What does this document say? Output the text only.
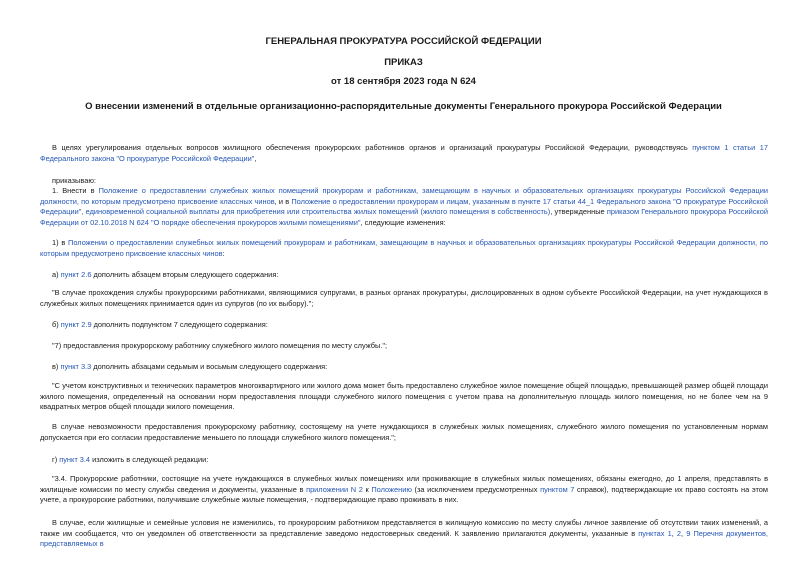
ГЕНЕРАЛЬНАЯ ПРОКУРАТУРА РОССИЙСКОЙ ФЕДЕРАЦИИ
ПРИКАЗ
от 18 сентября 2023 года N 624
О внесении изменений в отдельные организационно-распорядительные документы Генерального прокурора Российской Федерации

В целях урегулирования отдельных вопросов жилищного обеспечения прокурорских работников органов и организаций прокуратуры Российской Федерации, руководствуясь пунктом 1 статьи 17 Федерального закона "О прокуратуре Российской Федерации",

приказываю:

1. Внести в Положение о предоставлении служебных жилых помещений прокурорам и работникам, замещающим в научных и образовательных организациях прокуратуры Российской Федерации должности, по которым предусмотрено присвоение классных чинов, и в Положение о предоставлении прокурорам и лицам, указанным в пункте 17 статьи 44_1 Федерального закона "О прокуратуре Российской Федерации", единовременной социальной выплаты для приобретения или строительства жилых помещений (жилого помещения в собственность), утвержденные приказом Генерального прокурора Российской Федерации от 02.10.2018 N 624 "О порядке обеспечения прокуроров жилыми помещениями", следующие изменения:

1) в Положении о предоставлении служебных жилых помещений прокурорам и работникам, замещающим в научных и образовательных организациях прокуратуры Российской Федерации должности, по которым предусмотрено присвоение классных чинов:

а) пункт 2.6 дополнить абзацем вторым следующего содержания:

"В случае прохождения службы прокурорскими работниками, являющимися супругами, в разных органах прокуратуры, дислоцированных в одном субъекте Российской Федерации, на учет нуждающихся в служебных жилых помещениях принимается один из супругов (по их выбору).";

б) пункт 2.9 дополнить подпунктом 7 следующего содержания:

"7) предоставления прокурорскому работнику служебного жилого помещения по месту службы.";

в) пункт 3.3 дополнить абзацами седьмым и восьмым следующего содержания:

"С учетом конструктивных и технических параметров многоквартирного или жилого дома может быть предоставлено служебное жилое помещение общей площадью, превышающей размер общей площади жилого помещения, определенный на основании норм предоставления площади служебного жилого помещения с учетом права на дополнительную площадь жилого помещения, но не более чем на 9 квадратных метров общей площади жилого помещения.

В случае невозможности предоставления прокурорскому работнику, состоящему на учете нуждающихся в служебных жилых помещениях, служебного жилого помещения по установленным нормам допускается при его согласии предоставление меньшего по площади служебного жилого помещения.";

г) пункт 3.4 изложить в следующей редакции:

"3.4. Прокурорские работники, состоящие на учете нуждающихся в служебных жилых помещениях или проживающие в служебных жилых помещениях, обязаны ежегодно, до 1 апреля, представлять в жилищные комиссии по месту службы сведения и документы, указанные в приложении N 2 к Положению (за исключением предусмотренных пунктом 7 справок), подтверждающие их право состоять на этом учете, а прокурорские работники, получившие служебные жилые помещения, - подтверждающие право проживать в них.

В случае, если жилищные и семейные условия не изменились, то прокурорским работником представляется в жилищную комиссию по месту службы личное заявление об отсутствии таких изменений, а также им сообщается, что он уведомлен об ответственности за представление заведомо недостоверных сведений. К заявлению прилагаются документы, указанные в пунктах 1, 2, 9 Перечня документов, представляемых в
